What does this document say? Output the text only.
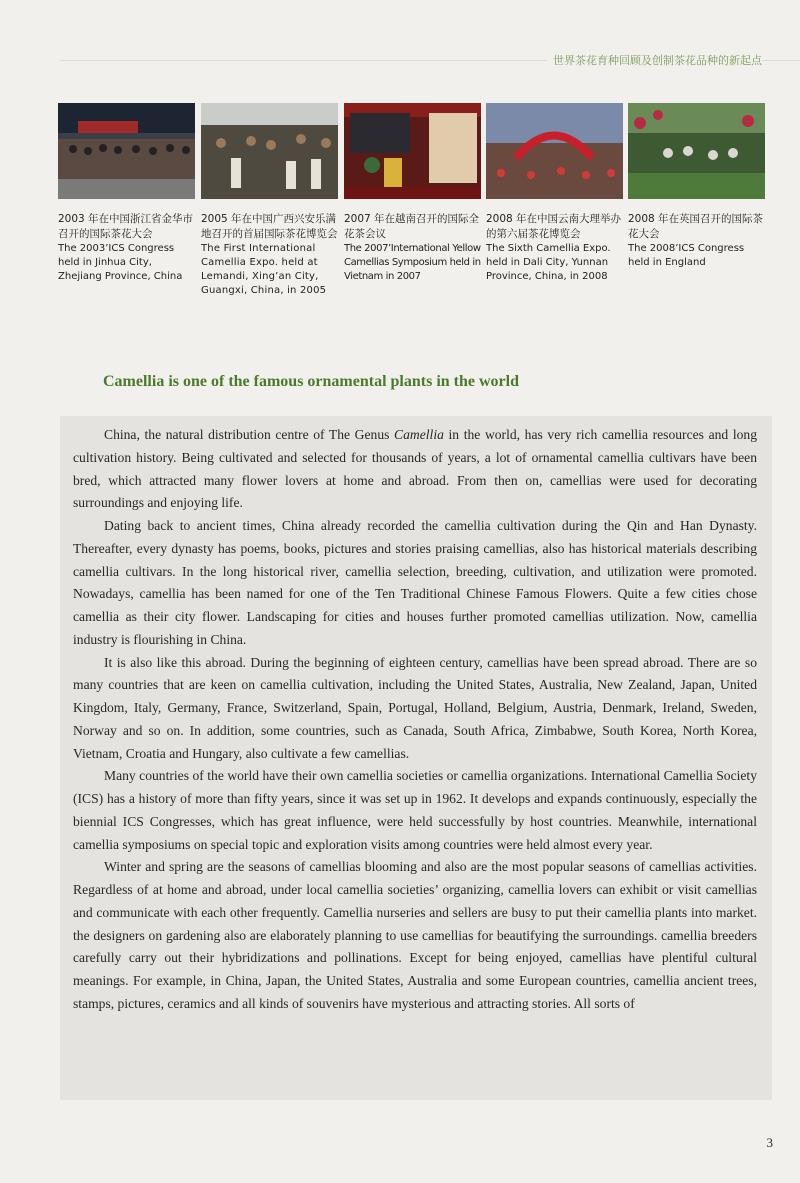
世界茶花育种回顾及创制茶花品种的新起点
2003 年在中国浙江省金华市召开的国际茶花大会
The 2003’ICS Congress held in Jinhua City, Zhejiang Province, China
2005 年在中国广西兴安乐满地召开的首届国际茶花博览会
The First International Camellia Expo. held at Lemandi, Xing’an City, Guangxi, China, in 2005
2007 年在越南召开的国际全花茶会议
The 2007’International Yellow Camellias Symposium held in Vietnam in 2007
2008 年在中国云南大理举办的第六届茶花博览会
The Sixth Camellia Expo. held in Dali City, Yunnan Province, China, in 2008
2008 年在英国召开的国际茶花大会
The 2008’ICS Congress held in England
Camellia is one of the famous ornamental plants in the world

China, the natural distribution centre of The Genus Camellia in the world, has very rich camellia resources and long cultivation history. Being cultivated and selected for thousands of years, a lot of ornamental camellia cultivars have been bred, which attracted many flower lovers at home and abroad. From then on, camellias were used for decorating surroundings and enjoying life.

Dating back to ancient times, China already recorded the camellia cultivation during the Qin and Han Dynasty. Thereafter, every dynasty has poems, books, pictures and stories praising camellias, also has historical materials describing camellia cultivars. In the long historical river, camellia selection, breeding, cultivation, and utilization were promoted. Nowadays, camellia has been named for one of the Ten Traditional Chinese Famous Flowers. Quite a few cities chose camellia as their city flower. Landscaping for cities and houses further promoted camellias utilization. Now, camellia industry is flourishing in China.

It is also like this abroad. During the beginning of eighteen century, camellias have been spread abroad. There are so many countries that are keen on camellia cultivation, including the United States, Australia, New Zealand, Japan, United Kingdom, Italy, Germany, France, Switzerland, Spain, Portugal, Holland, Belgium, Austria, Denmark, Ireland, Sweden, Norway and so on. In addition, some countries, such as Canada, South Africa, Zimbabwe, South Korea, North Korea, Vietnam, Croatia and Hungary, also cultivate a few camellias.

Many countries of the world have their own camellia societies or camellia organizations. International Camellia Society (ICS) has a history of more than fifty years, since it was set up in 1962. It develops and expands continuously, especially the biennial ICS Congresses, which has great influence, were held successfully by host countries. Meanwhile, international camellia symposiums on special topic and exploration visits among countries were held almost every year.

Winter and spring are the seasons of camellias blooming and also are the most popular seasons of camellias activities. Regardless of at home and abroad, under local camellia societies’ organizing, camellia lovers can exhibit or visit camellias and communicate with each other frequently. Camellia nurseries and sellers are busy to put their camellia plants into market. the designers on gardening also are elaborately planning to use camellias for beautifying the surroundings. camellia breeders carefully carry out their hybridizations and pollinations. Except for being enjoyed, camellias have plentiful cultural meanings. For example, in China, Japan, the United States, Australia and some European countries, camellia ancient trees, stamps, pictures, ceramics and all kinds of souvenirs have mysterious and attracting stories. All sorts of

3
